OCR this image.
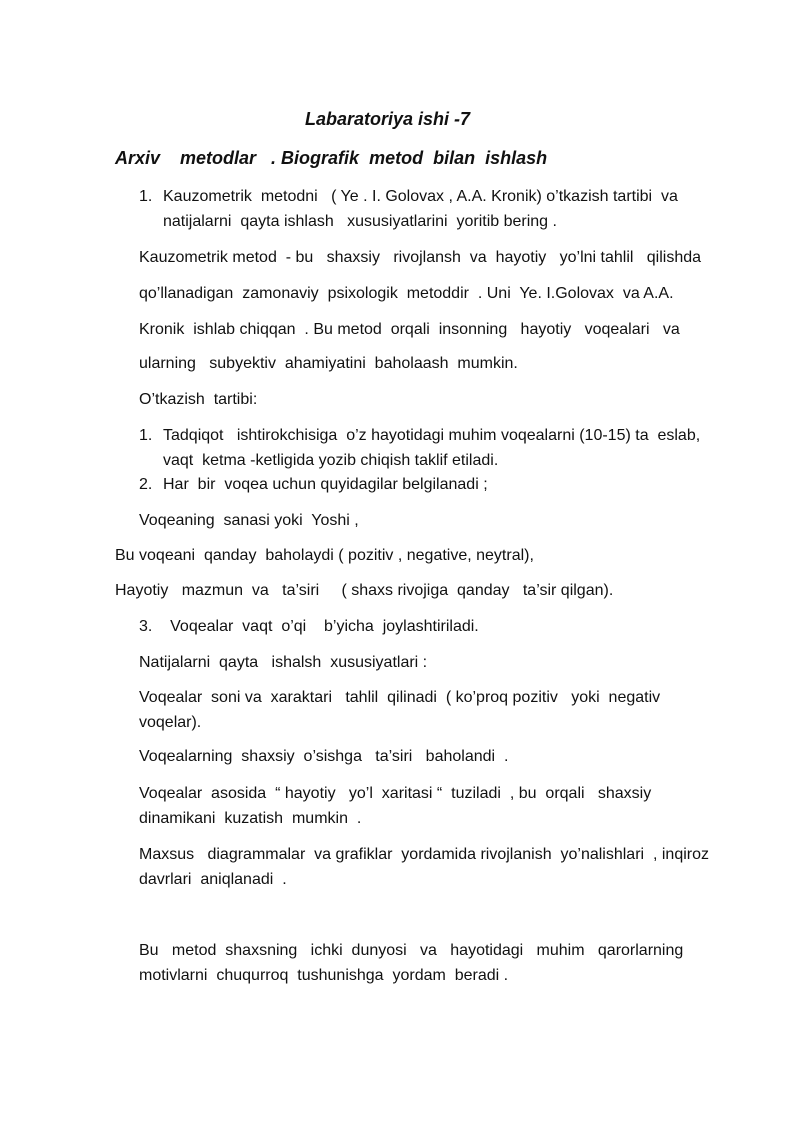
Labaratoriya ishi -7
Arxiv    metodlar   . Biografik  metod  bilan  ishlash
1. Kauzometrik  metodni   ( Ye . I. Golovax , A.A. Kronik) o’tkazish tartibi  va
natijalarni  qayta ishlash   xususiyatlarini  yoritib bering .
Kauzometrik metod  - bu   shaxsiy   rivojlansh  va  hayotiy   yo’lni tahlil   qilishda
qo’llanadigan  zamonaviy  psixologik  metoddir  . Uni  Ye. I.Golovax  va A.A.
Kronik  ishlab chiqqan  . Bu metod  orqali  insonning   hayotiy   voqealari   va
ularning   subyektiv  ahamiyatini  baholaash  mumkin.
O’tkazish  tartibi:
1. Tadqiqot   ishtirokchisiga  o’z hayotidagi muhim voqealarni (10-15) ta  eslab,
vaqt  ketma -ketligida yozib chiqish taklif etiladi.
2. Har  bir  voqea uchun quyidagilar belgilanadi ;
Voqeaning  sanasi yoki  Yoshi ,
Bu voqeani  qanday  baholaydi ( pozitiv , negative, neytral),
Hayotiy   mazmun  va   ta’siri     ( shaxs rivojiga  qanday   ta’sir qilgan).
3.    Voqealar  vaqt  o’qi    b’yicha  joylashtiriladi.
Natijalarni  qayta   ishalsh  xususiyatlari :
Voqealar  soni va  xaraktari   tahlil  qilinadi  ( ko’proq pozitiv   yoki  negativ
voqelar).
Voqealarning  shaxsiy  o’sishga   ta’siri   baholandi  .
Voqealar  asosida  “ hayotiy   yo’l  xaritasi “  tuziladi  , bu  orqali   shaxsiy
dinamikani  kuzatish  mumkin  .
Maxsus   diagrammalar  va grafiklar  yordamida rivojlanish  yo’nalishlari  , inqiroz
davrlari  aniqlanadi  .
Bu   metod  shaxsning   ichki  dunyosi   va   hayotidagi   muhim   qarorlarning
motivlarni  chuqurroq  tushunishga  yordam  beradi .
